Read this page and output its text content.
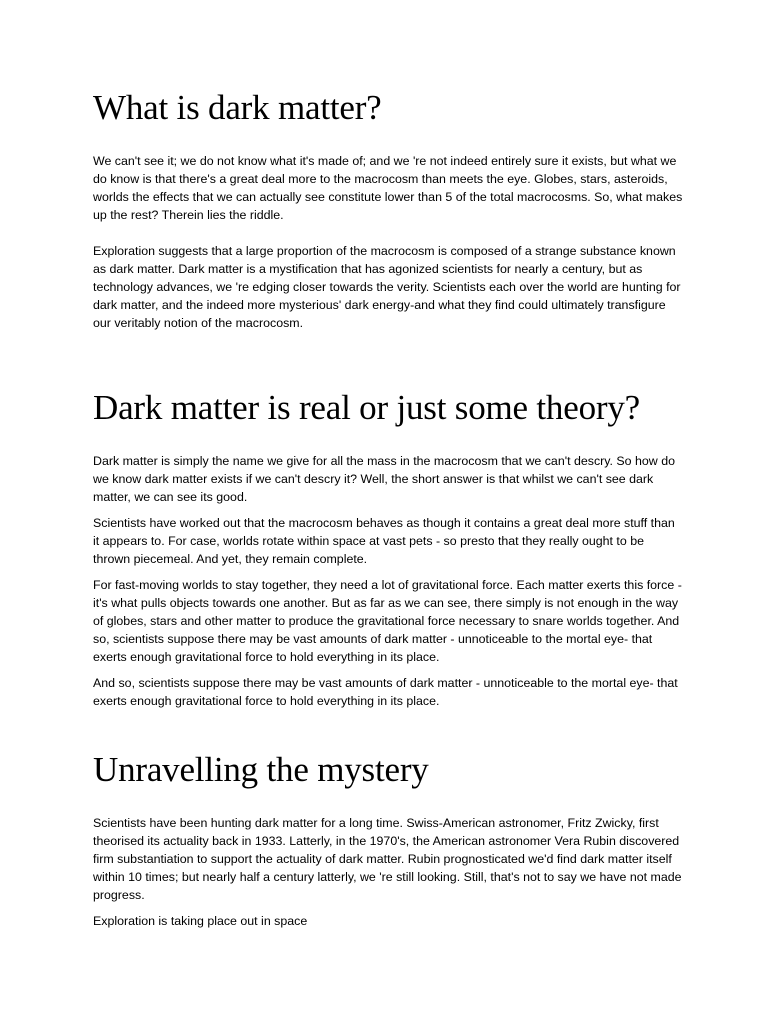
What is dark matter?

We can't see it; we do not know what it's made of; and we 're not indeed entirely sure it exists, but what we do know is that there's a great deal more to the macrocosm than meets the eye. Globes, stars, asteroids, worlds the effects that we can actually see constitute lower than 5 of the total macrocosms. So, what makes up the rest? Therein lies the riddle.

Exploration suggests that a large proportion of the macrocosm is composed of a strange substance known as dark matter. Dark matter is a mystification that has agonized scientists for nearly a century, but as technology advances, we 're edging closer towards the verity. Scientists each over the world are hunting for dark matter, and the indeed more mysterious' dark energy-and what they find could ultimately transfigure our veritably notion of the macrocosm.

Dark matter is real or just some theory?

Dark matter is simply the name we give for all the mass in the macrocosm that we can't descry. So how do we know dark matter exists if we can't descry it? Well, the short answer is that whilst we can't see dark matter, we can see its good.

Scientists have worked out that the macrocosm behaves as though it contains a great deal more stuff than it appears to. For case, worlds rotate within space at vast pets - so presto that they really ought to be thrown piecemeal. And yet, they remain complete.

For fast-moving worlds to stay together, they need a lot of gravitational force. Each matter exerts this force - it's what pulls objects towards one another. But as far as we can see, there simply is not enough in the way of globes, stars and other matter to produce the gravitational force necessary to snare worlds together. And so, scientists suppose there may be vast amounts of dark matter - unnoticeable to the mortal eye- that exerts enough gravitational force to hold everything in its place.

And so, scientists suppose there may be vast amounts of dark matter - unnoticeable to the mortal eye- that exerts enough gravitational force to hold everything in its place.

Unravelling the mystery

Scientists have been hunting dark matter for a long time. Swiss-American astronomer, Fritz Zwicky, first theorised its actuality back in 1933. Latterly, in the 1970's, the American astronomer Vera Rubin discovered firm substantiation to support the actuality of dark matter. Rubin prognosticated we'd find dark matter itself within 10 times; but nearly half a century latterly, we 're still looking. Still, that's not to say we have not made progress.

Exploration is taking place out in space
